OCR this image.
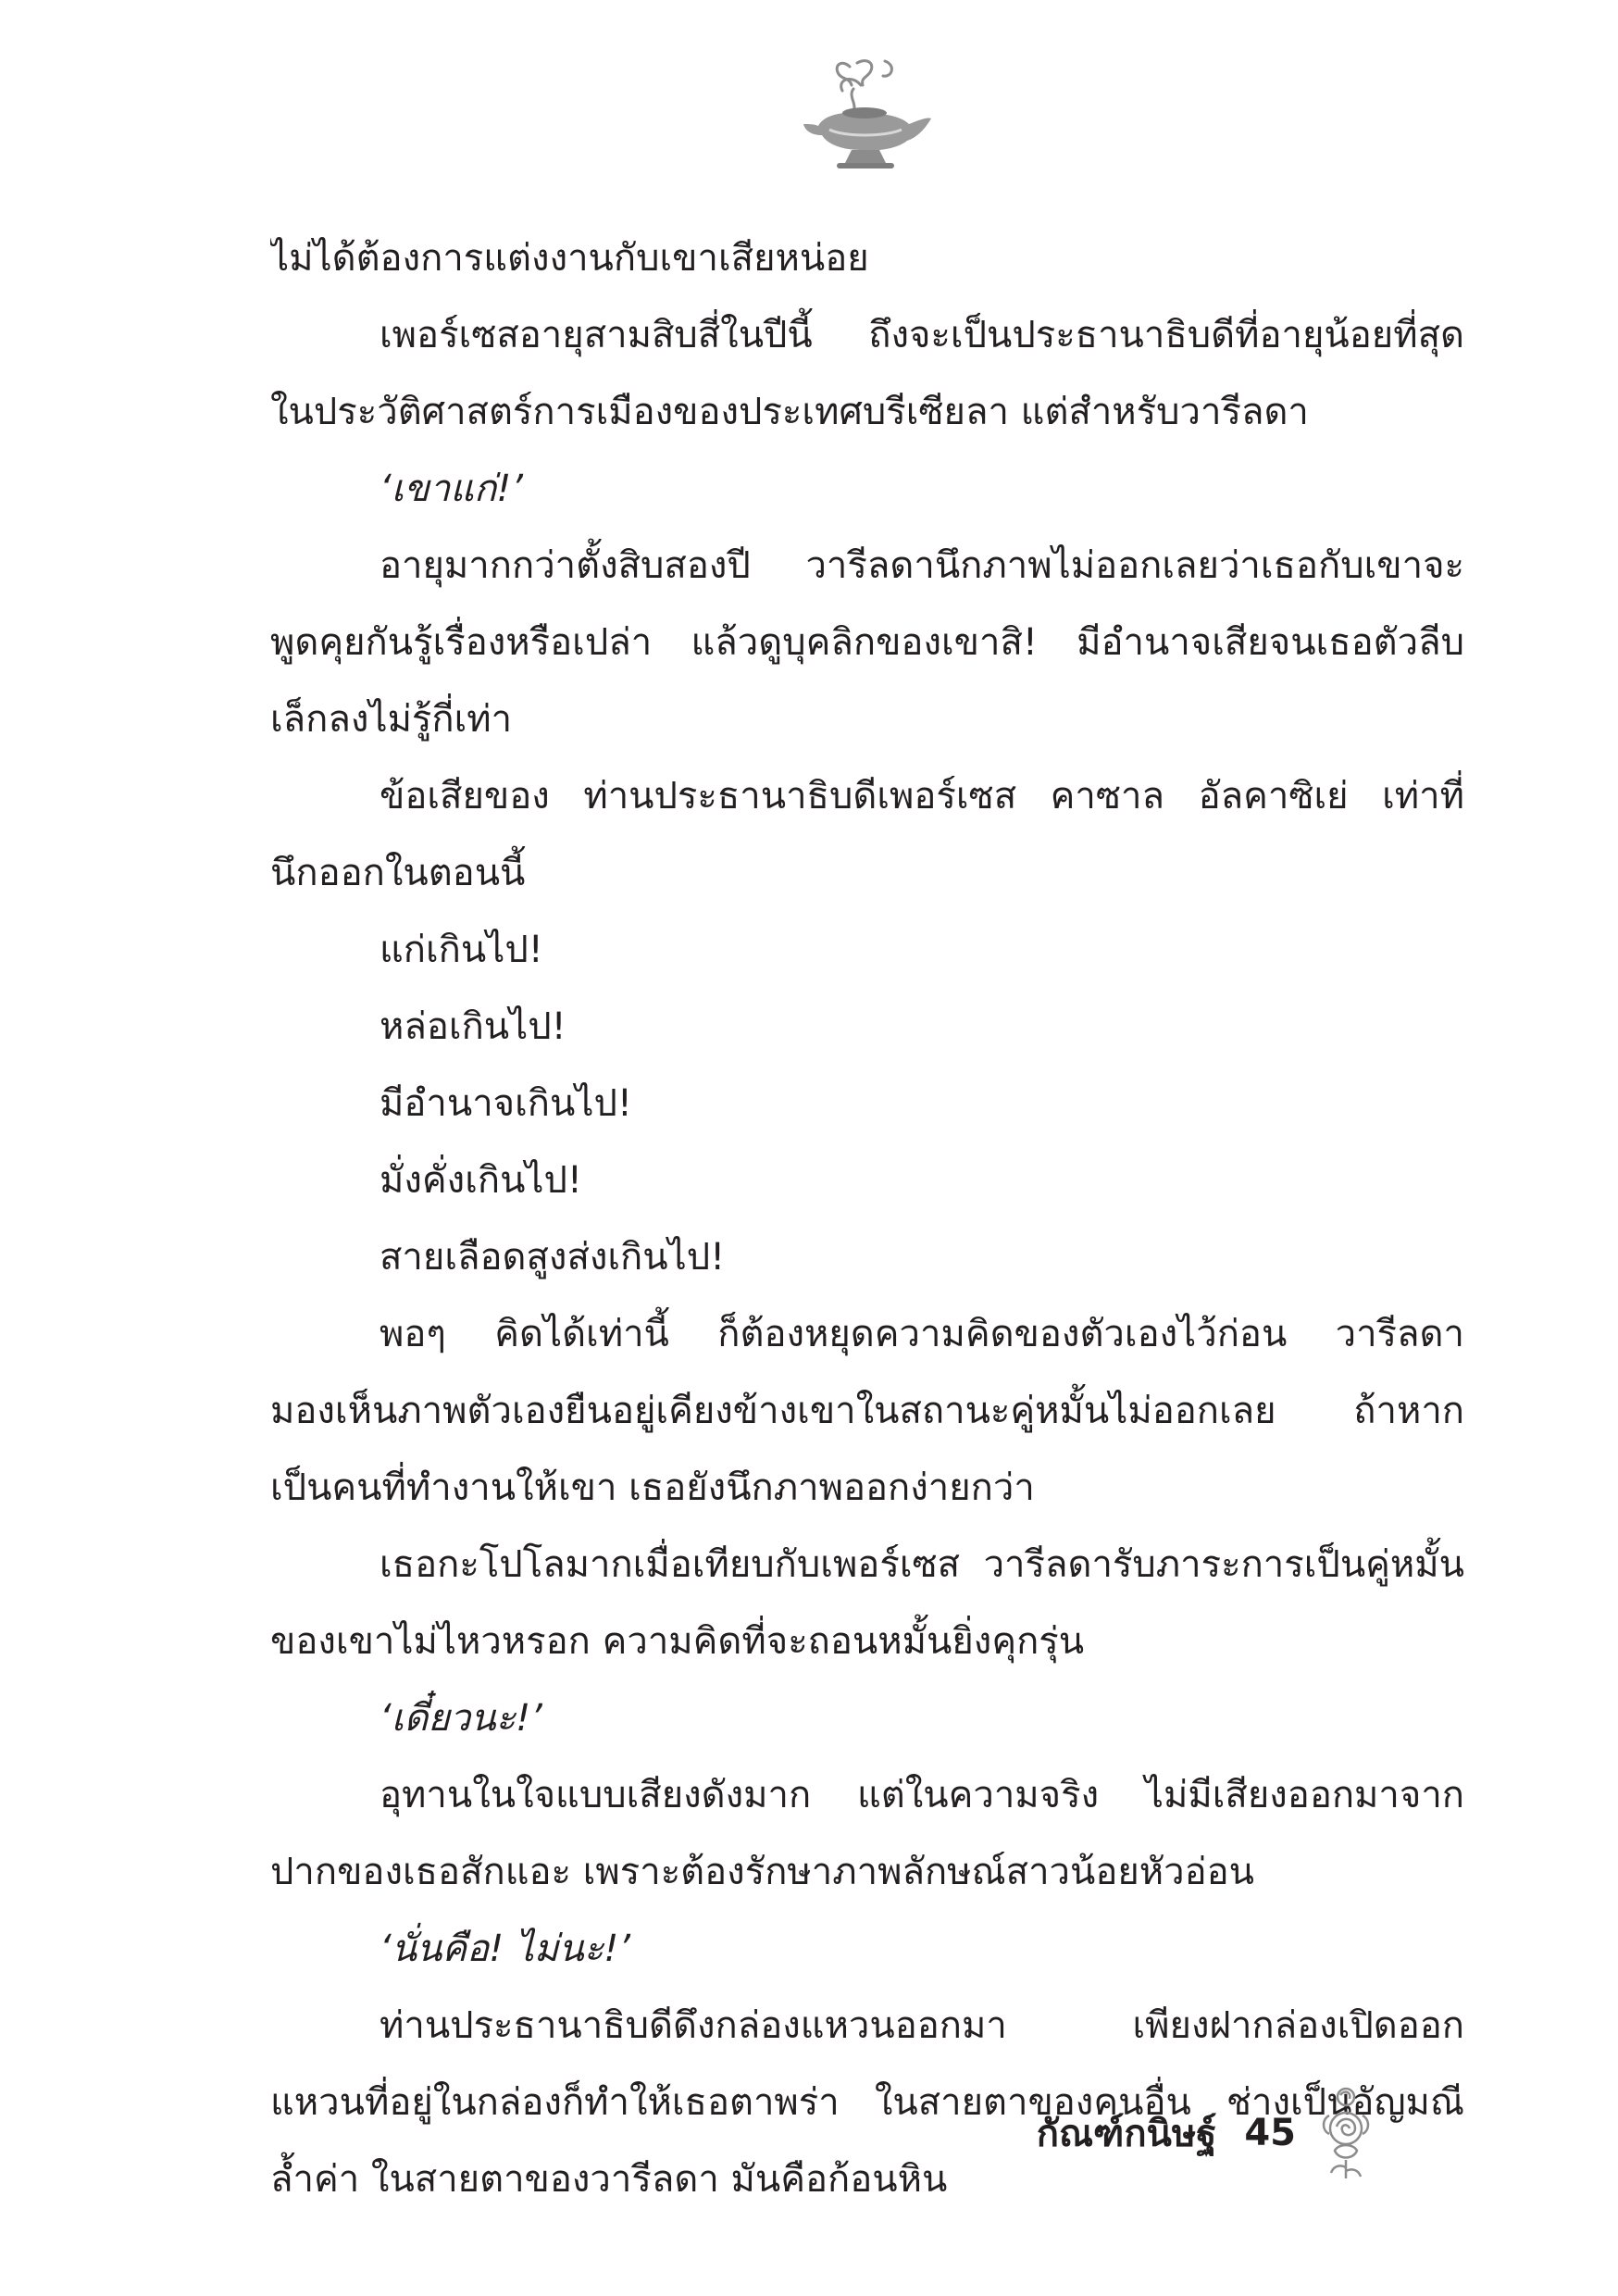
ไม่ได้ต้องการแต่งงานกับเขาเสียหน่อย
เพอร์เซสอายุสามสิบสี่ในปีนี้ ถึงจะเป็นประธานาธิบดีที่อายุน้อยที่สุด
ในประวัติศาสตร์การเมืองของประเทศบรีเซียลา แต่สำหรับวารีลดา
‘เขาแก่!’
อายุมากกว่าตั้งสิบสองปี วารีลดานึกภาพไม่ออกเลยว่าเธอกับเขาจะ
พูดคุยกันรู้เรื่องหรือเปล่า แล้วดูบุคลิกของเขาสิ! มีอำนาจเสียจนเธอตัวลีบ
เล็กลงไม่รู้กี่เท่า
ข้อเสียของ ท่านประธานาธิบดีเพอร์เซส คาซาล อัลคาซิเย่ เท่าที่
นึกออกในตอนนี้
แก่เกินไป!
หล่อเกินไป!
มีอำนาจเกินไป!
มั่งคั่งเกินไป!
สายเลือดสูงส่งเกินไป!
พอๆ คิดได้เท่านี้ ก็ต้องหยุดความคิดของตัวเองไว้ก่อน วารีลดา
มองเห็นภาพตัวเองยืนอยู่เคียงข้างเขาในสถานะคู่หมั้นไม่ออกเลย ถ้าหาก
เป็นคนที่ทำงานให้เขา เธอยังนึกภาพออกง่ายกว่า
เธอกะโปโลมากเมื่อเทียบกับเพอร์เซส วารีลดารับภาระการเป็นคู่หมั้น
ของเขาไม่ไหวหรอก ความคิดที่จะถอนหมั้นยิ่งคุกรุ่น
‘เดี๋ยวนะ!’
อุทานในใจแบบเสียงดังมาก แต่ในความจริง ไม่มีเสียงออกมาจาก
ปากของเธอสักแอะ เพราะต้องรักษาภาพลักษณ์สาวน้อยหัวอ่อน
‘นั่นคือ! ไม่นะ!’
ท่านประธานาธิบดีดึงกล่องแหวนออกมา เพียงฝากล่องเปิดออก
แหวนที่อยู่ในกล่องก็ทำให้เธอตาพร่า ในสายตาของคนอื่น ช่างเป็นอัญมณี
ล้ำค่า ในสายตาของวารีลดา มันคือก้อนหิน
กัณฑ์กนิษฐ์ 45
